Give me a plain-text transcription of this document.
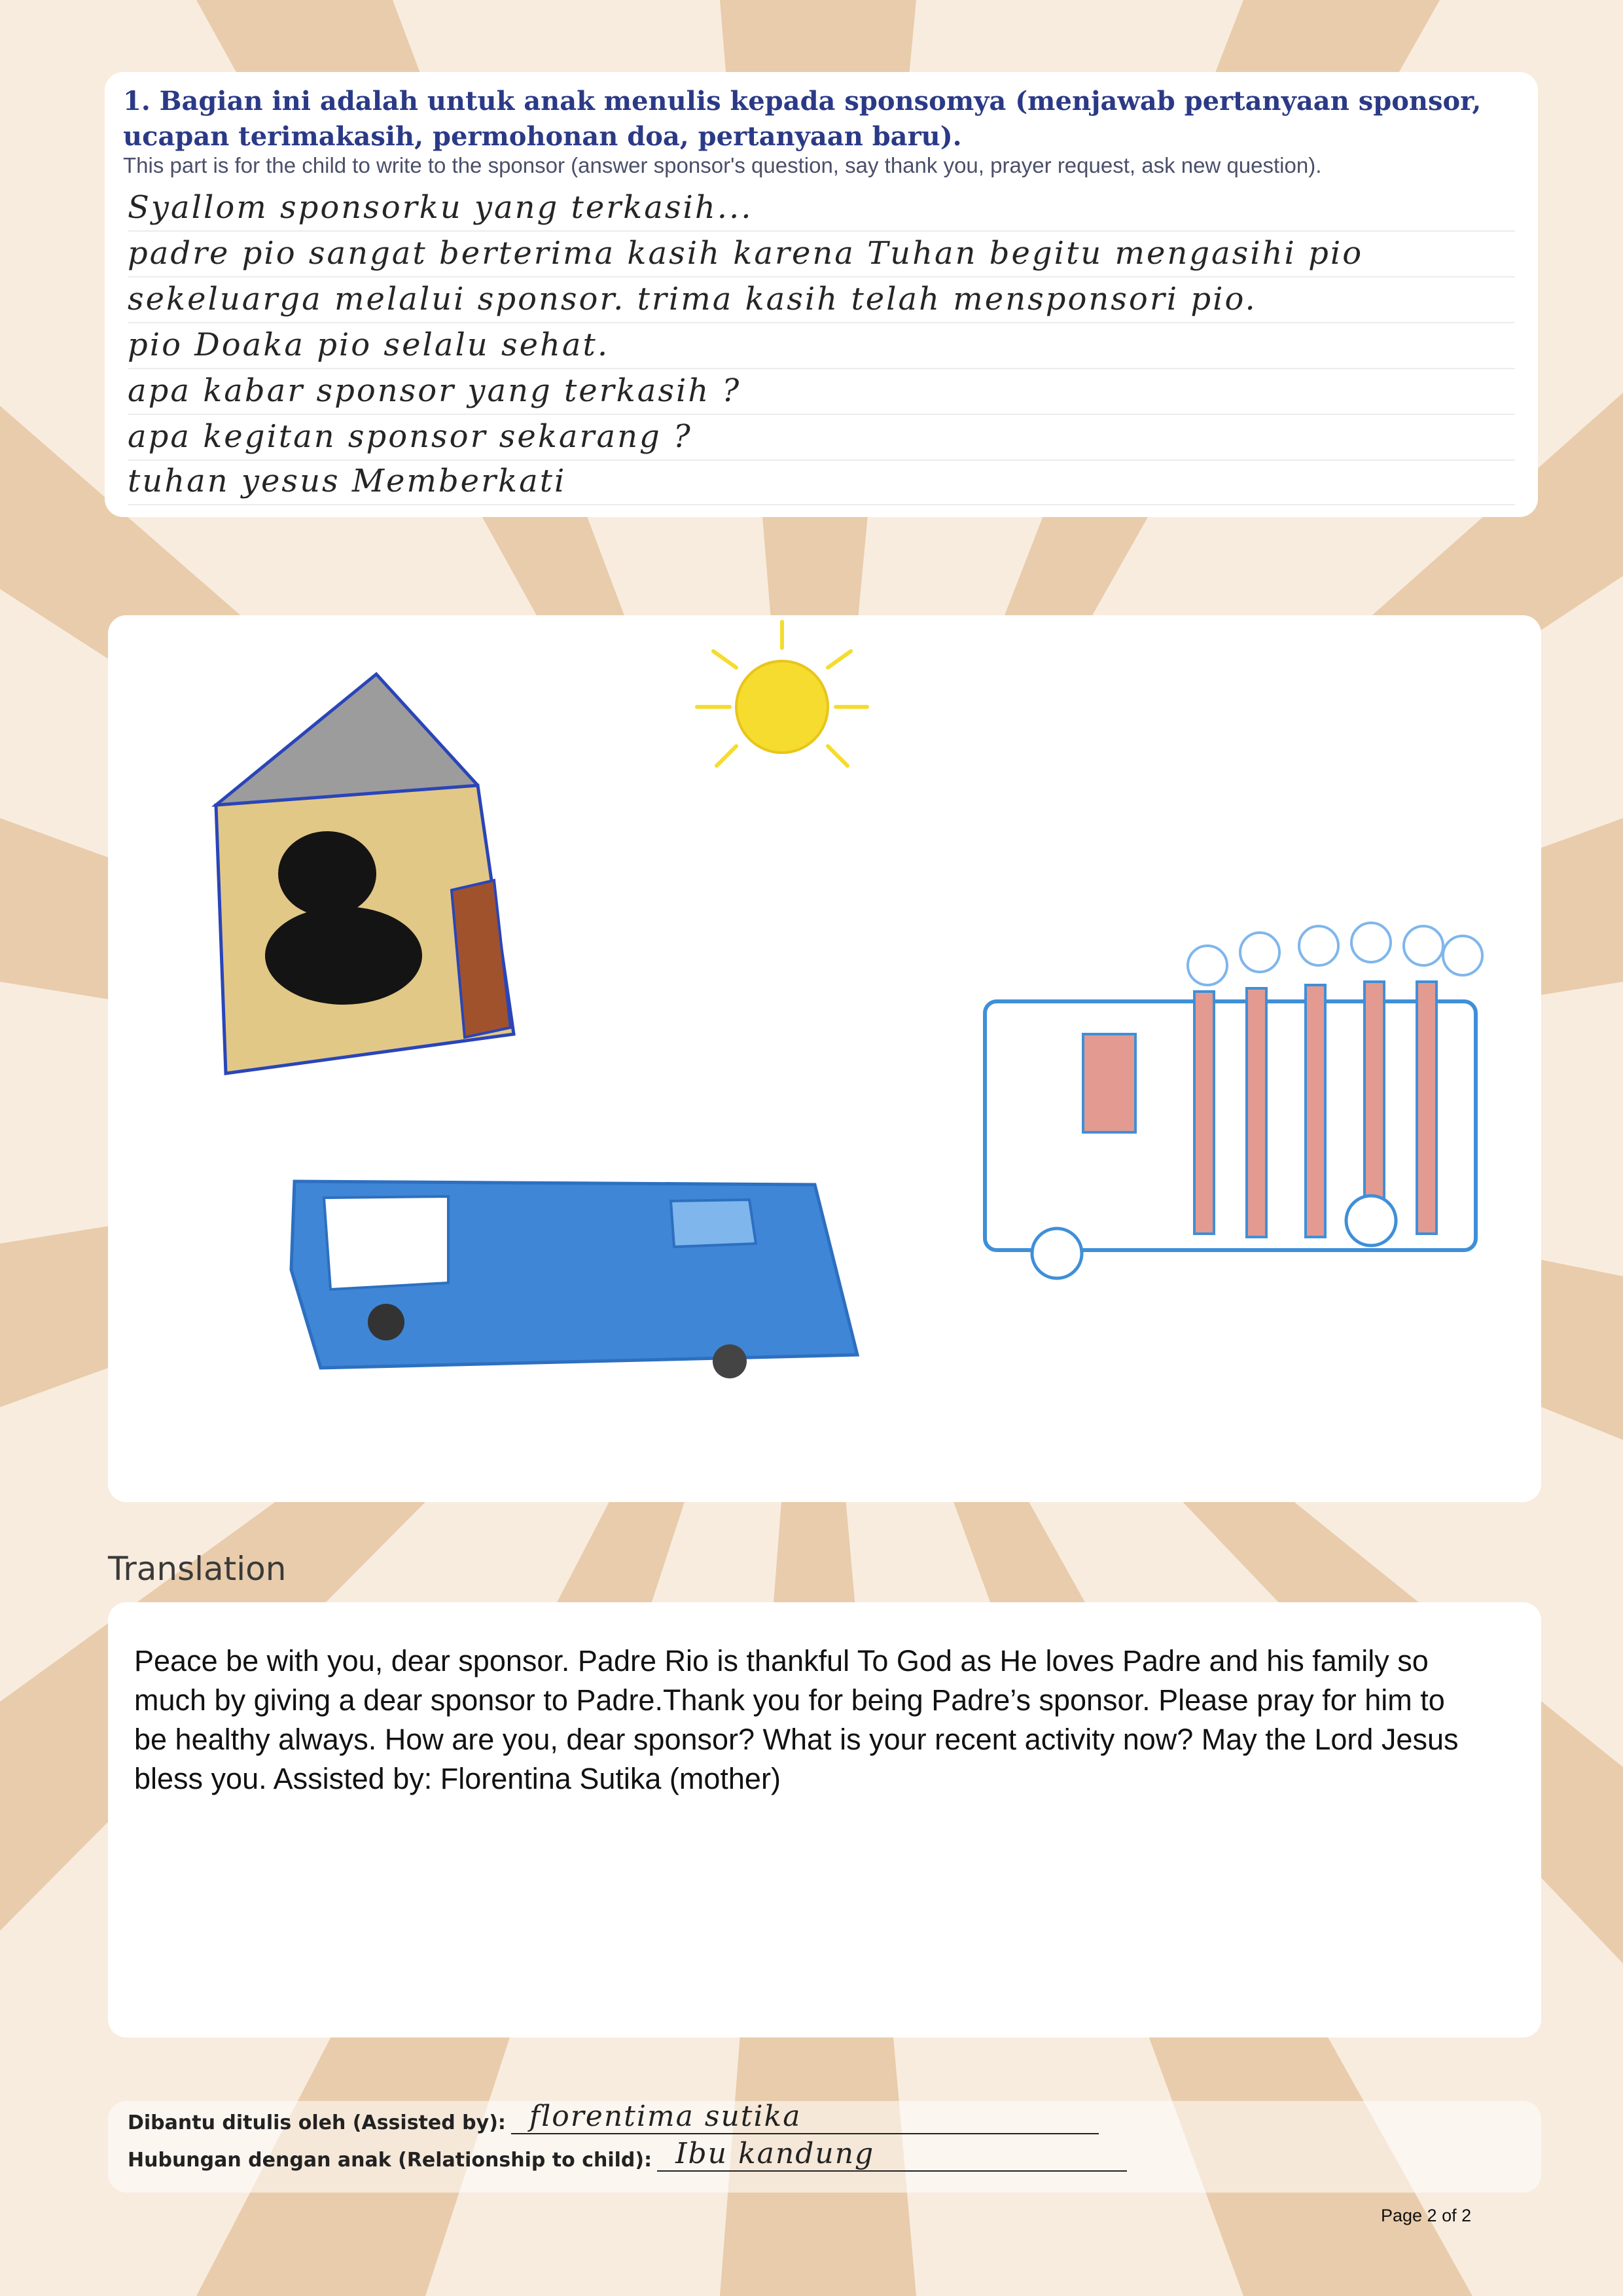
1. Bagian ini adalah untuk anak menulis kepada sponsomya (menjawab pertanyaan sponsor, ucapan terimakasih, permohonan doa, pertanyaan baru).
This part is for the child to write to the sponsor (answer sponsor's question, say thank you, prayer request, ask new question).
Syallom sponsorku yang terkasih...
padre pio sangat berterima kasih karena Tuhan begitu mengasihi pio
sekeluarga melalui sponsor. trima kasih telah mensponsori pio.
pio Doaka pio selalu sehat.
apa kabar sponsor yang terkasih ?
apa kegitan sponsor sekarang ?
tuhan yesus Memberkati
Translation
Peace be with you, dear sponsor. Padre Rio is thankful To God as He loves Padre and his family so much by giving a dear sponsor to Padre.Thank you for being Padre’s sponsor. Please pray for him to be healthy always. How are you, dear sponsor? What is your recent activity now? May the Lord Jesus bless you. Assisted by: Florentina Sutika (mother)
Dibantu ditulis oleh (Assisted by): florentima sutika
Hubungan dengan anak (Relationship to child): Ibu kandung
Page 2 of 2
